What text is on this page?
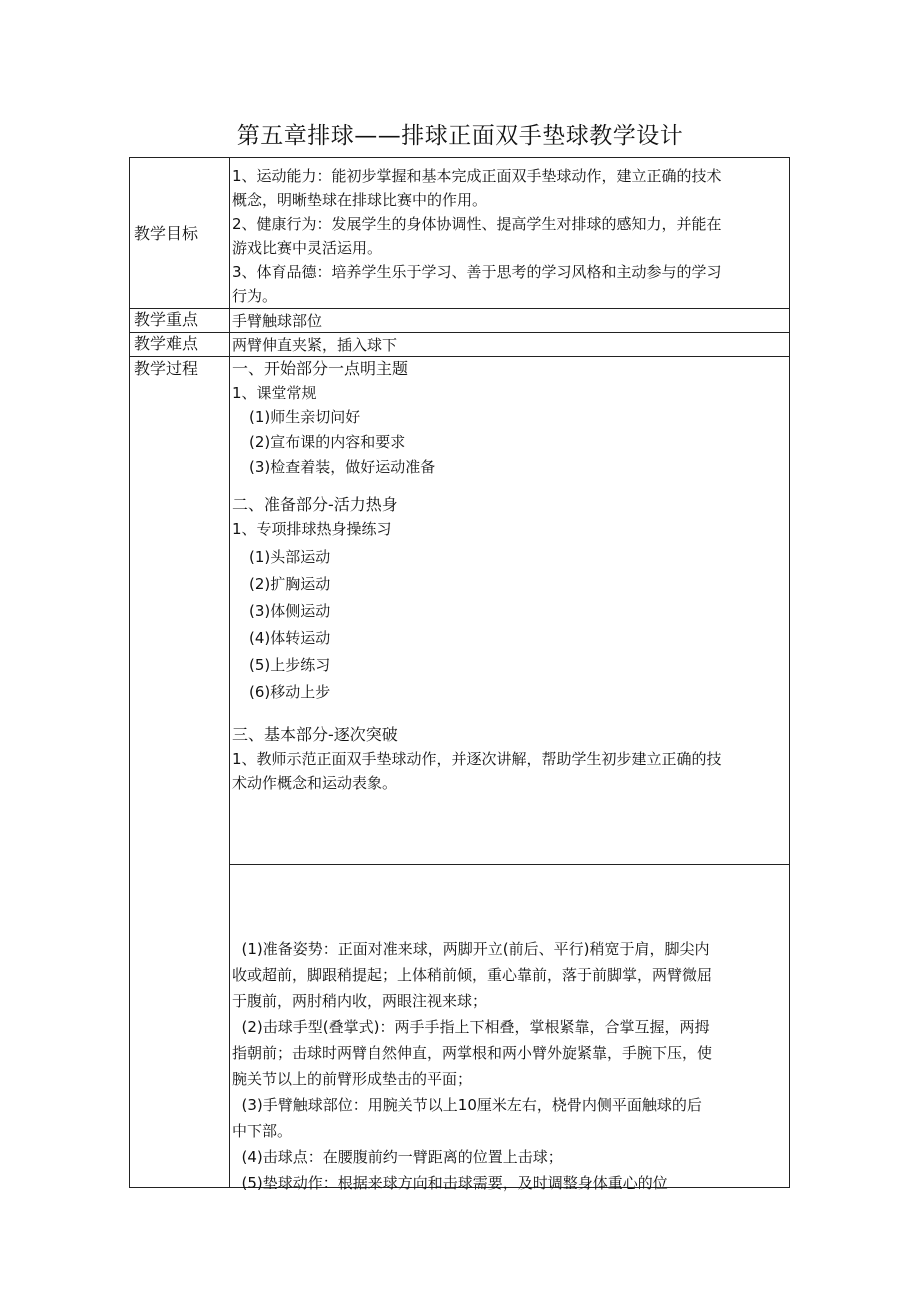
第五章排球——排球正面双手垫球教学设计
教学目标
1、运动能力：能初步掌握和基本完成正面双手垫球动作，建立正确的技术
概念，明晰垫球在排球比赛中的作用。
2、健康行为：发展学生的身体协调性、提高学生对排球的感知力，并能在
游戏比赛中灵活运用。
3、体育品德：培养学生乐于学习、善于思考的学习风格和主动参与的学习
行为。
教学重点 手臂触球部位
教学难点 两臂伸直夹紧，插入球下
教学过程 一、开始部分一点明主题
1、课堂常规
(1)师生亲切问好
(2)宣布课的内容和要求
(3)检查着装，做好运动准备
二、准备部分-活力热身
1、专项排球热身操练习
(1)头部运动
(2)扩胸运动
(3)体侧运动
(4)体转运动
(5)上步练习
(6)移动上步
三、基本部分-逐次突破
1、教师示范正面双手垫球动作，并逐次讲解，帮助学生初步建立正确的技
术动作概念和运动表象。
(1)准备姿势：正面对准来球，两脚开立(前后、平行)稍宽于肩，脚尖内
收或超前，脚跟稍提起；上体稍前倾，重心靠前，落于前脚掌，两臂微屈
于腹前，两肘稍内收，两眼注视来球；
(2)击球手型(叠掌式)：两手手指上下相叠，掌根紧靠，合掌互握，两拇
指朝前；击球时两臂自然伸直，两掌根和两小臂外旋紧靠，手腕下压，使
腕关节以上的前臂形成垫击的平面；
(3)手臂触球部位：用腕关节以上10厘米左右，桡骨内侧平面触球的后
中下部。
(4)击球点：在腰腹前约一臂距离的位置上击球；
(5)垫球动作：根据来球方向和击球需要，及时调整身体重心的位
